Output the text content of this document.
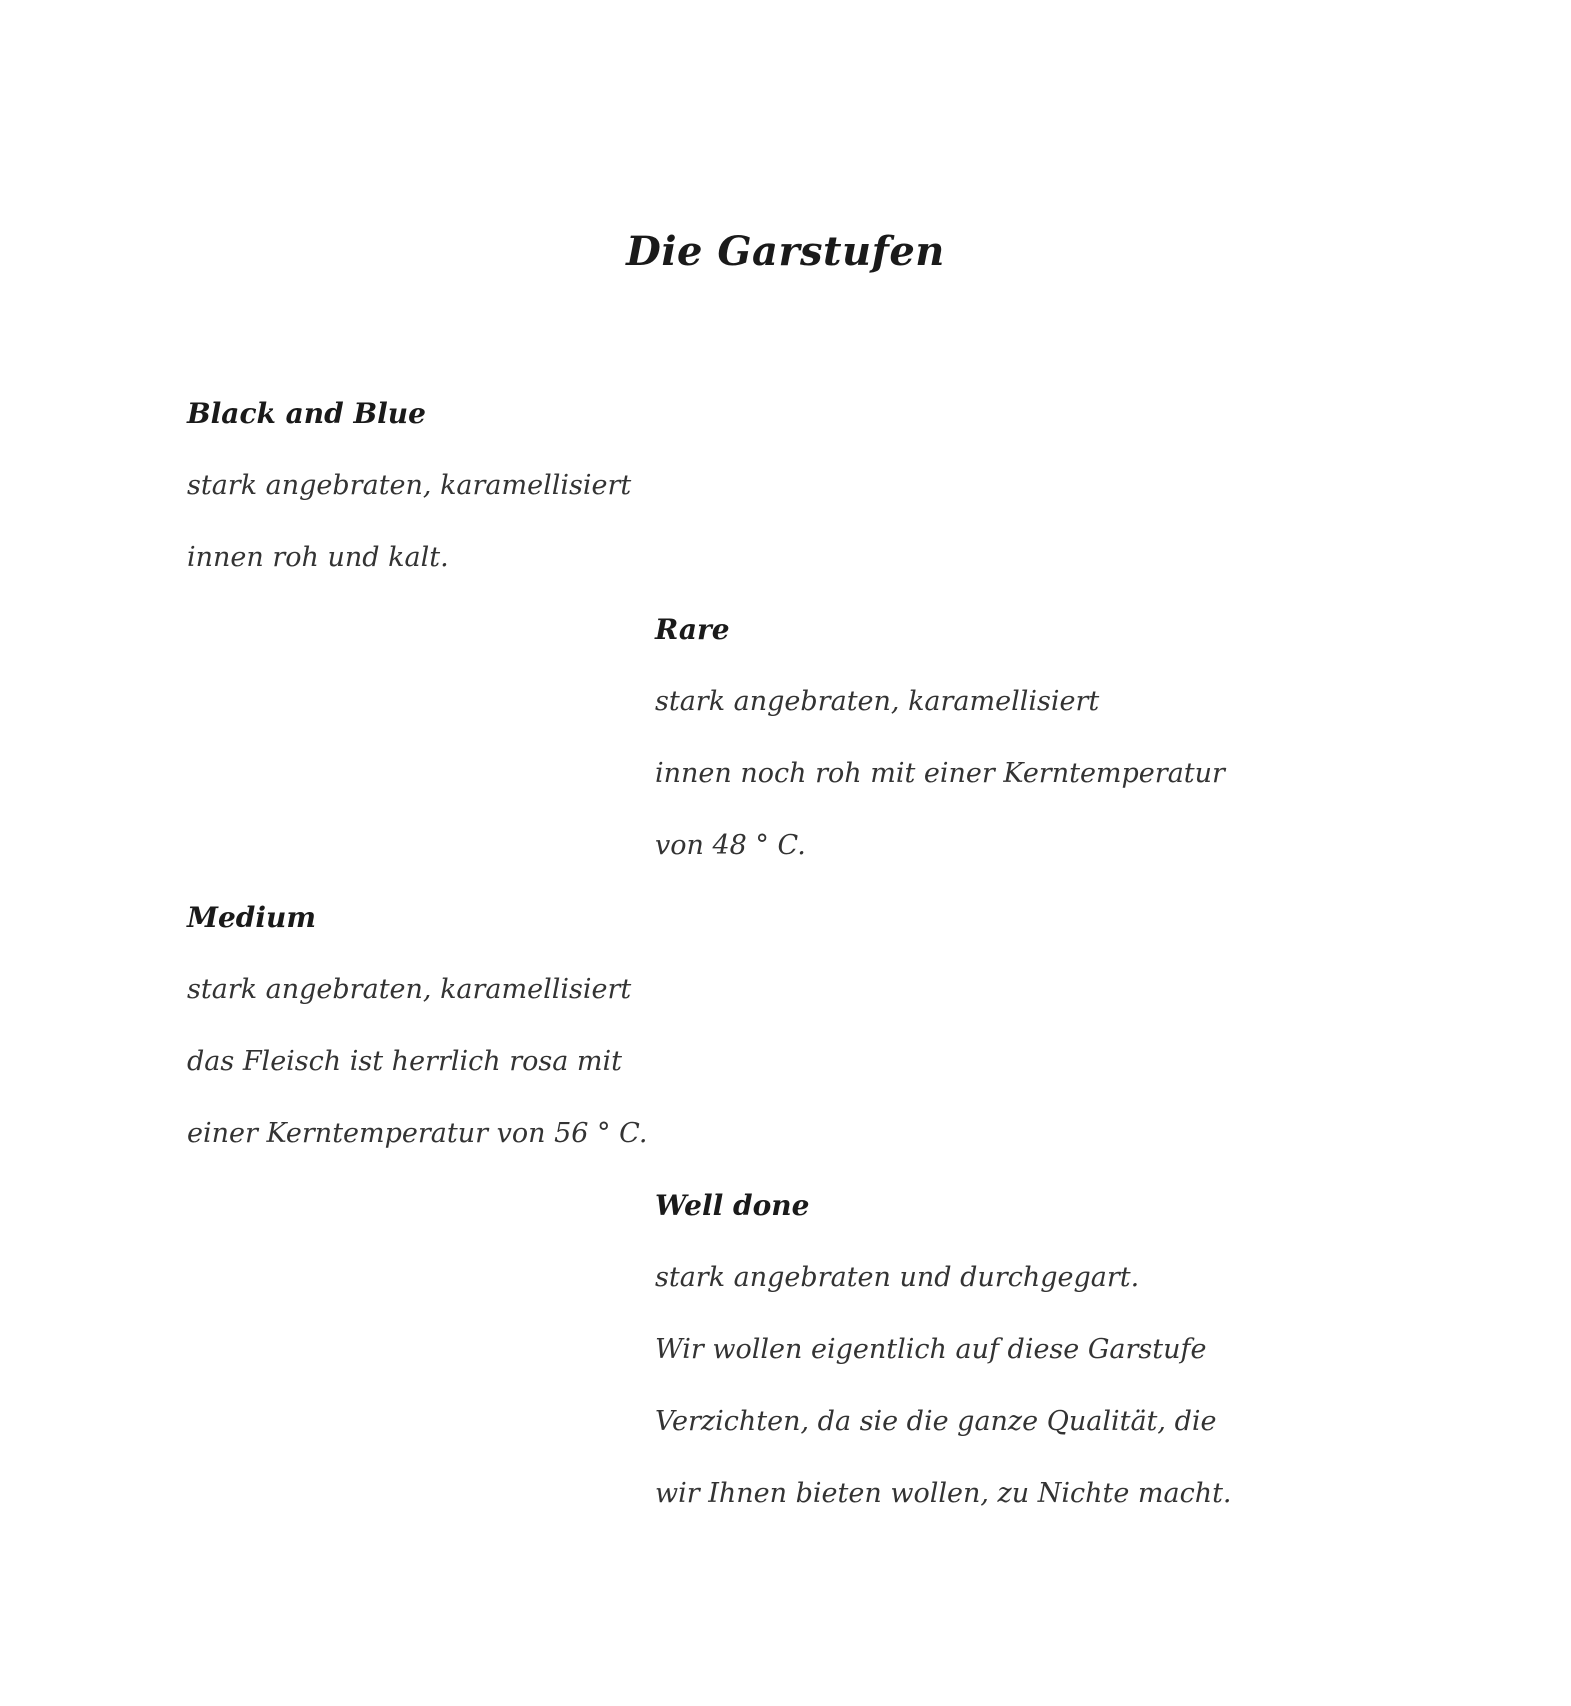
Die Garstufen
Black and Blue
stark angebraten, karamellisiert
innen roh und kalt.
Rare
stark angebraten, karamellisiert
innen noch roh mit einer Kerntemperatur
von 48 ° C.
Medium
stark angebraten, karamellisiert
das Fleisch ist herrlich rosa mit
einer Kerntemperatur von 56 ° C.
Well done
stark angebraten und durchgegart.
Wir wollen eigentlich auf diese Garstufe
Verzichten, da sie die ganze Qualität, die
wir Ihnen bieten wollen, zu Nichte macht.
